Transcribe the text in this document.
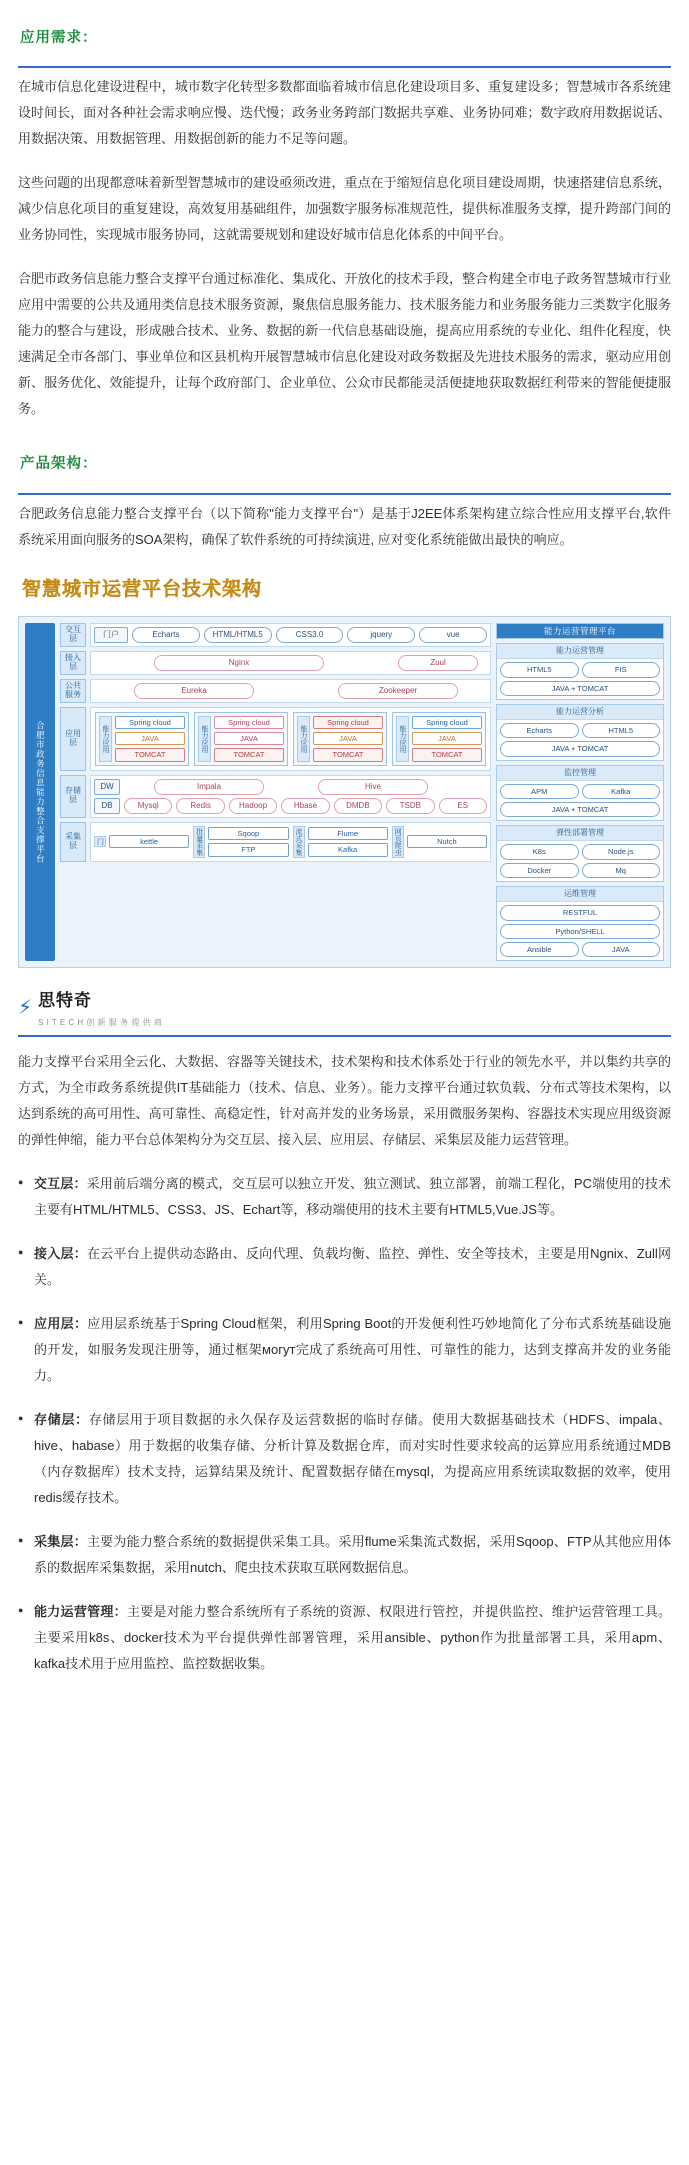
应用需求：

在城市信息化建设进程中，城市数字化转型多数都面临着城市信息化建设项目多、重复建设多；智慧城市各系统建设时间长，面对各种社会需求响应慢、迭代慢；政务业务跨部门数据共享难、业务协同难；数字政府用数据说话、用数据决策、用数据管理、用数据创新的能力不足等问题。

这些问题的出现都意味着新型智慧城市的建设亟须改进，重点在于缩短信息化项目建设周期，快速搭建信息系统，减少信息化项目的重复建设，高效复用基础组件，加强数字服务标准规范性，提供标准服务支撑，提升跨部门间的业务协同性，实现城市服务协同，这就需要规划和建设好城市信息化体系的中间平台。

合肥市政务信息能力整合支撑平台通过标准化、集成化、开放化的技术手段，整合构建全市电子政务智慧城市行业应用中需要的公共及通用类信息技术服务资源，聚焦信息服务能力、技术服务能力和业务服务能力三类数字化服务能力的整合与建设，形成融合技术、业务、数据的新一代信息基础设施，提高应用系统的专业化、组件化程度，快速满足全市各部门、事业单位和区县机构开展智慧城市信息化建设对政务数据及先进技术服务的需求，驱动应用创新、服务优化、效能提升，让每个政府部门、企业单位、公众市民都能灵活便捷地获取数据红利带来的智能便捷服务。

产品架构：

合肥政务信息能力整合支撑平台（以下简称"能力支撑平台"）是基于J2EE体系架构建立综合性应用支撑平台,软件系统采用面向服务的SOA架构，确保了软件系统的可持续演进, 应对变化系统能做出最快的响应。

智慧城市运营平台技术架构
合肥市政务信息能力整合支撑平台
交互层	门户	Echarts	HTML/HTML5	CSS3.0	jquery	vue
接入层	Nginx	Zuul
公共服务	Eureka	Zookeeper
应用层	能力应用
Spring cloud
JAVA
TOMCAT
能力应用
Spring cloud
JAVA
TOMCAT
能力应用
Spring cloud
JAVA
TOMCAT
能力应用
Spring cloud
JAVA
TOMCAT
存储层
DW	Impala	Hive
DB	Mysql	Redis	Hadoop	Hbase	DMDB	TSDB	ES
采集层	门	kettle	批量采集	Sqoop
FTP	流式采集	Flume
Kafka	网页爬虫	Nutch
能力运营管理平台
能力运营管理
HTML5	FIS
JAVA + TOMCAT
能力运营分析
Echarts	HTML5
JAVA + TOMCAT
监控管理
APM	Kafka
JAVA + TOMCAT
弹性部署管理
K8s	Node.js
Docker	Mq
运维管理
RESTFUL
Python/SHELL
Ansible	JAVA
⚡ 思特奇
S I T E C H 创 新 服 务 提 供 商

能力支撑平台采用全云化、大数据、容器等关键技术，技术架构和技术体系处于行业的领先水平，并以集约共享的方式，为全市政务系统提供IT基础能力（技术、信息、业务）。能力支撑平台通过软负载、分布式等技术架构，以达到系统的高可用性、高可靠性、高稳定性，针对高并发的业务场景，采用微服务架构、容器技术实现应用级资源的弹性伸缩，能力平台总体架构分为交互层、接入层、应用层、存储层、采集层及能力运营管理。

● 交互层：采用前后端分离的模式，交互层可以独立开发、独立测试、独立部署，前端工程化，PC端使用的技术主要有HTML/HTML5、CSS3、JS、Echart等，移动端使用的技术主要有HTML5,Vue.JS等。
● 接入层：在云平台上提供动态路由、反向代理、负载均衡、监控、弹性、安全等技术，主要是用Ngnix、Zull网关。
● 应用层：应用层系统基于Spring Cloud框架，利用Spring Boot的开发便利性巧妙地简化了分布式系统基础设施的开发，如服务发现注册等，通过框架могут完成了系统高可用性、可靠性的能力，达到支撑高并发的业务能力。
● 存储层：存储层用于项目数据的永久保存及运营数据的临时存储。使用大数据基础技术（HDFS、impala、hive、habase）用于数据的收集存储、分析计算及数据仓库，而对实时性要求较高的运算应用系统通过MDB（内存数据库）技术支持，运算结果及统计、配置数据存储在mysql，为提高应用系统读取数据的效率，使用redis缓存技术。
● 采集层：主要为能力整合系统的数据提供采集工具。采用flume采集流式数据，采用Sqoop、FTP从其他应用体系的数据库采集数据，采用nutch、爬虫技术获取互联网数据信息。
● 能力运营管理：主要是对能力整合系统所有子系统的资源、权限进行管控，并提供监控、维护运营管理工具。主要采用k8s、docker技术为平台提供弹性部署管理，采用ansible、python作为批量部署工具，采用apm、kafka技术用于应用监控、监控数据收集。
